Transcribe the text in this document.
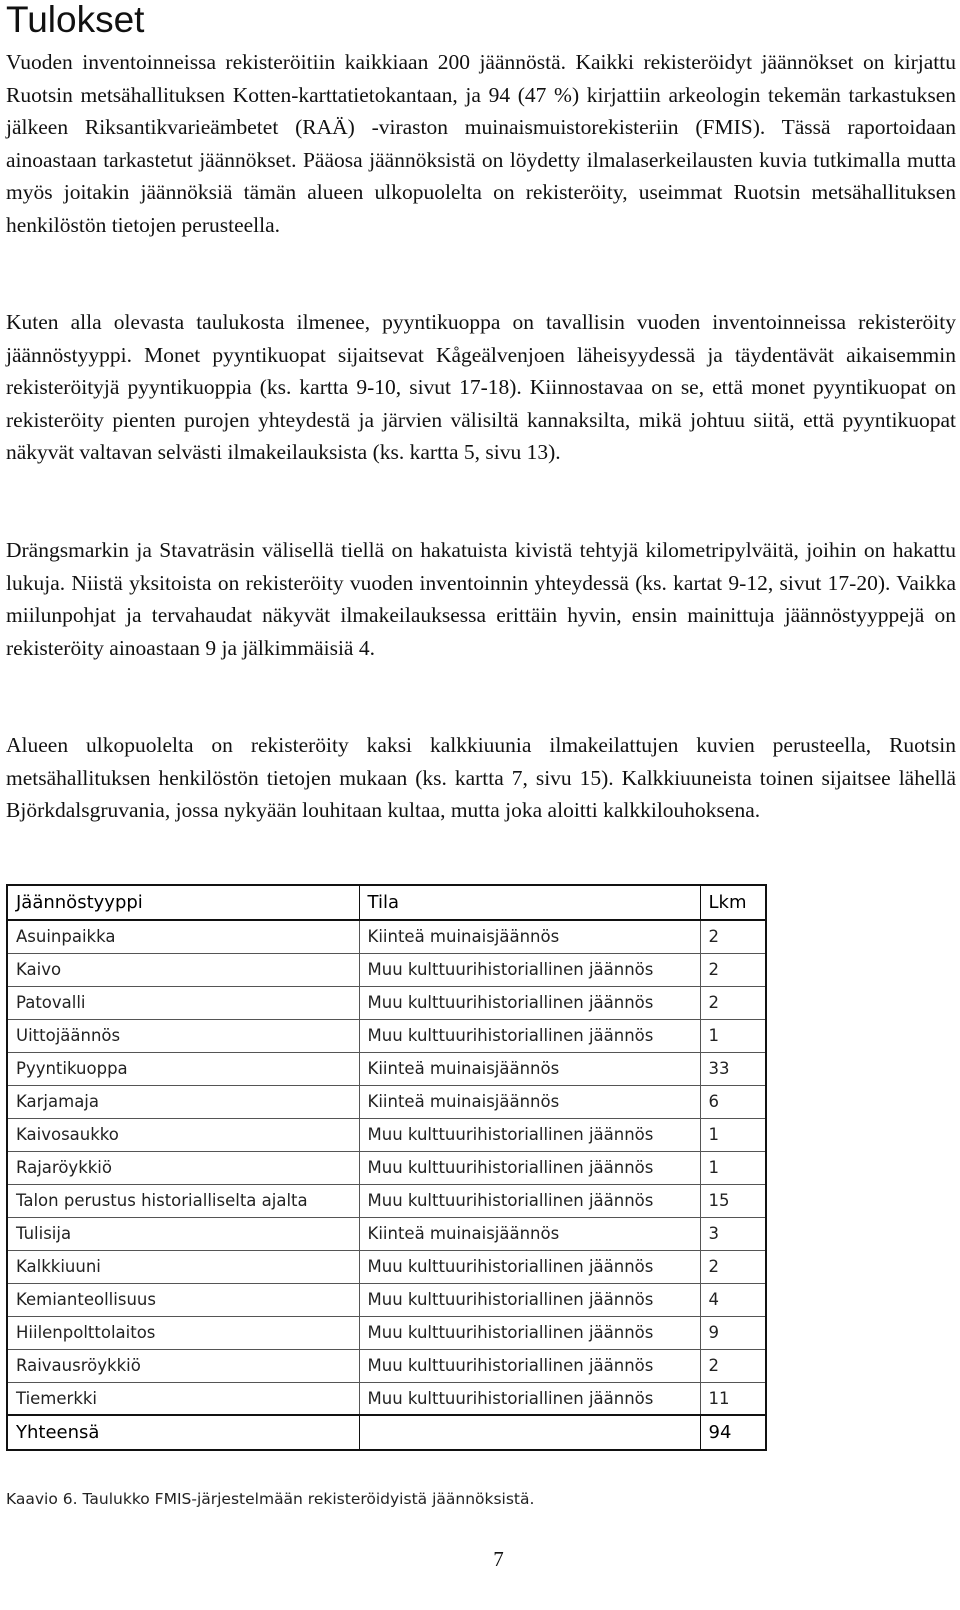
Tulokset

Vuoden inventoinneissa rekisteröitiin kaikkiaan 200 jäännöstä. Kaikki rekisteröidyt jäännökset on kirjattu Ruotsin metsähallituksen Kotten-karttatietokantaan, ja 94 (47 %) kirjattiin arkeologin tekemän tarkastuksen jälkeen Riksantikvarieämbetet (RAÄ) -viraston muinaismuistorekisteriin (FMIS). Tässä raportoidaan ainoastaan tarkastetut jäännökset. Pääosa jäännöksistä on löydetty ilmalaserkeilausten kuvia tutkimalla mutta myös joitakin jäännöksiä tämän alueen ulkopuolelta on rekisteröity, useimmat Ruotsin metsähallituksen henkilöstön tietojen perusteella.

Kuten alla olevasta taulukosta ilmenee, pyyntikuoppa on tavallisin vuoden inventoinneissa rekisteröity jäännöstyyppi. Monet pyyntikuopat sijaitsevat Kågeälvenjoen läheisyydessä ja täydentävät aikaisemmin rekisteröityjä pyyntikuoppia (ks. kartta 9-10, sivut 17-18). Kiinnostavaa on se, että monet pyyntikuopat on rekisteröity pienten purojen yhteydestä ja järvien välisiltä kannaksilta, mikä johtuu siitä, että pyyntikuopat näkyvät valtavan selvästi ilmakeilauksista (ks. kartta 5, sivu 13).

Drängsmarkin ja Stavaträsin välisellä tiellä on hakatuista kivistä tehtyjä kilometripylväitä, joihin on hakattu lukuja. Niistä yksitoista on rekisteröity vuoden inventoinnin yhteydessä (ks. kartat 9-12, sivut 17-20). Vaikka miilunpohjat ja tervahaudat näkyvät ilmakeilauksessa erittäin hyvin, ensin mainittuja jäännöstyyppejä on rekisteröity ainoastaan 9 ja jälkimmäisiä 4.

Alueen ulkopuolelta on rekisteröity kaksi kalkkiuunia ilmakeilattujen kuvien perusteella, Ruotsin metsähallituksen henkilöstön tietojen mukaan (ks. kartta 7, sivu 15). Kalkkiuuneista toinen sijaitsee lähellä Björkdalsgruvania, jossa nykyään louhitaan kultaa, mutta joka aloitti kalkkilouhoksena.

Jäännöstyyppi	Tila	Lkm
Asuinpaikka	Kiinteä muinaisjäännös	2
Kaivo	Muu kulttuurihistoriallinen jäännös	2
Patovalli	Muu kulttuurihistoriallinen jäännös	2
Uittojäännös	Muu kulttuurihistoriallinen jäännös	1
Pyyntikuoppa	Kiinteä muinaisjäännös	33
Karjamaja	Kiinteä muinaisjäännös	6
Kaivosaukko	Muu kulttuurihistoriallinen jäännös	1
Rajaröykkiö	Muu kulttuurihistoriallinen jäännös	1
Talon perustus historialliselta ajalta	Muu kulttuurihistoriallinen jäännös	15
Tulisija	Kiinteä muinaisjäännös	3
Kalkkiuuni	Muu kulttuurihistoriallinen jäännös	2
Kemianteollisuus	Muu kulttuurihistoriallinen jäännös	4
Hiilenpolttolaitos	Muu kulttuurihistoriallinen jäännös	9
Raivausröykkiö	Muu kulttuurihistoriallinen jäännös	2
Tiemerkki	Muu kulttuurihistoriallinen jäännös	11
Yhteensä		94

Kaavio 6. Taulukko FMIS-järjestelmään rekisteröidyistä jäännöksistä.

7
